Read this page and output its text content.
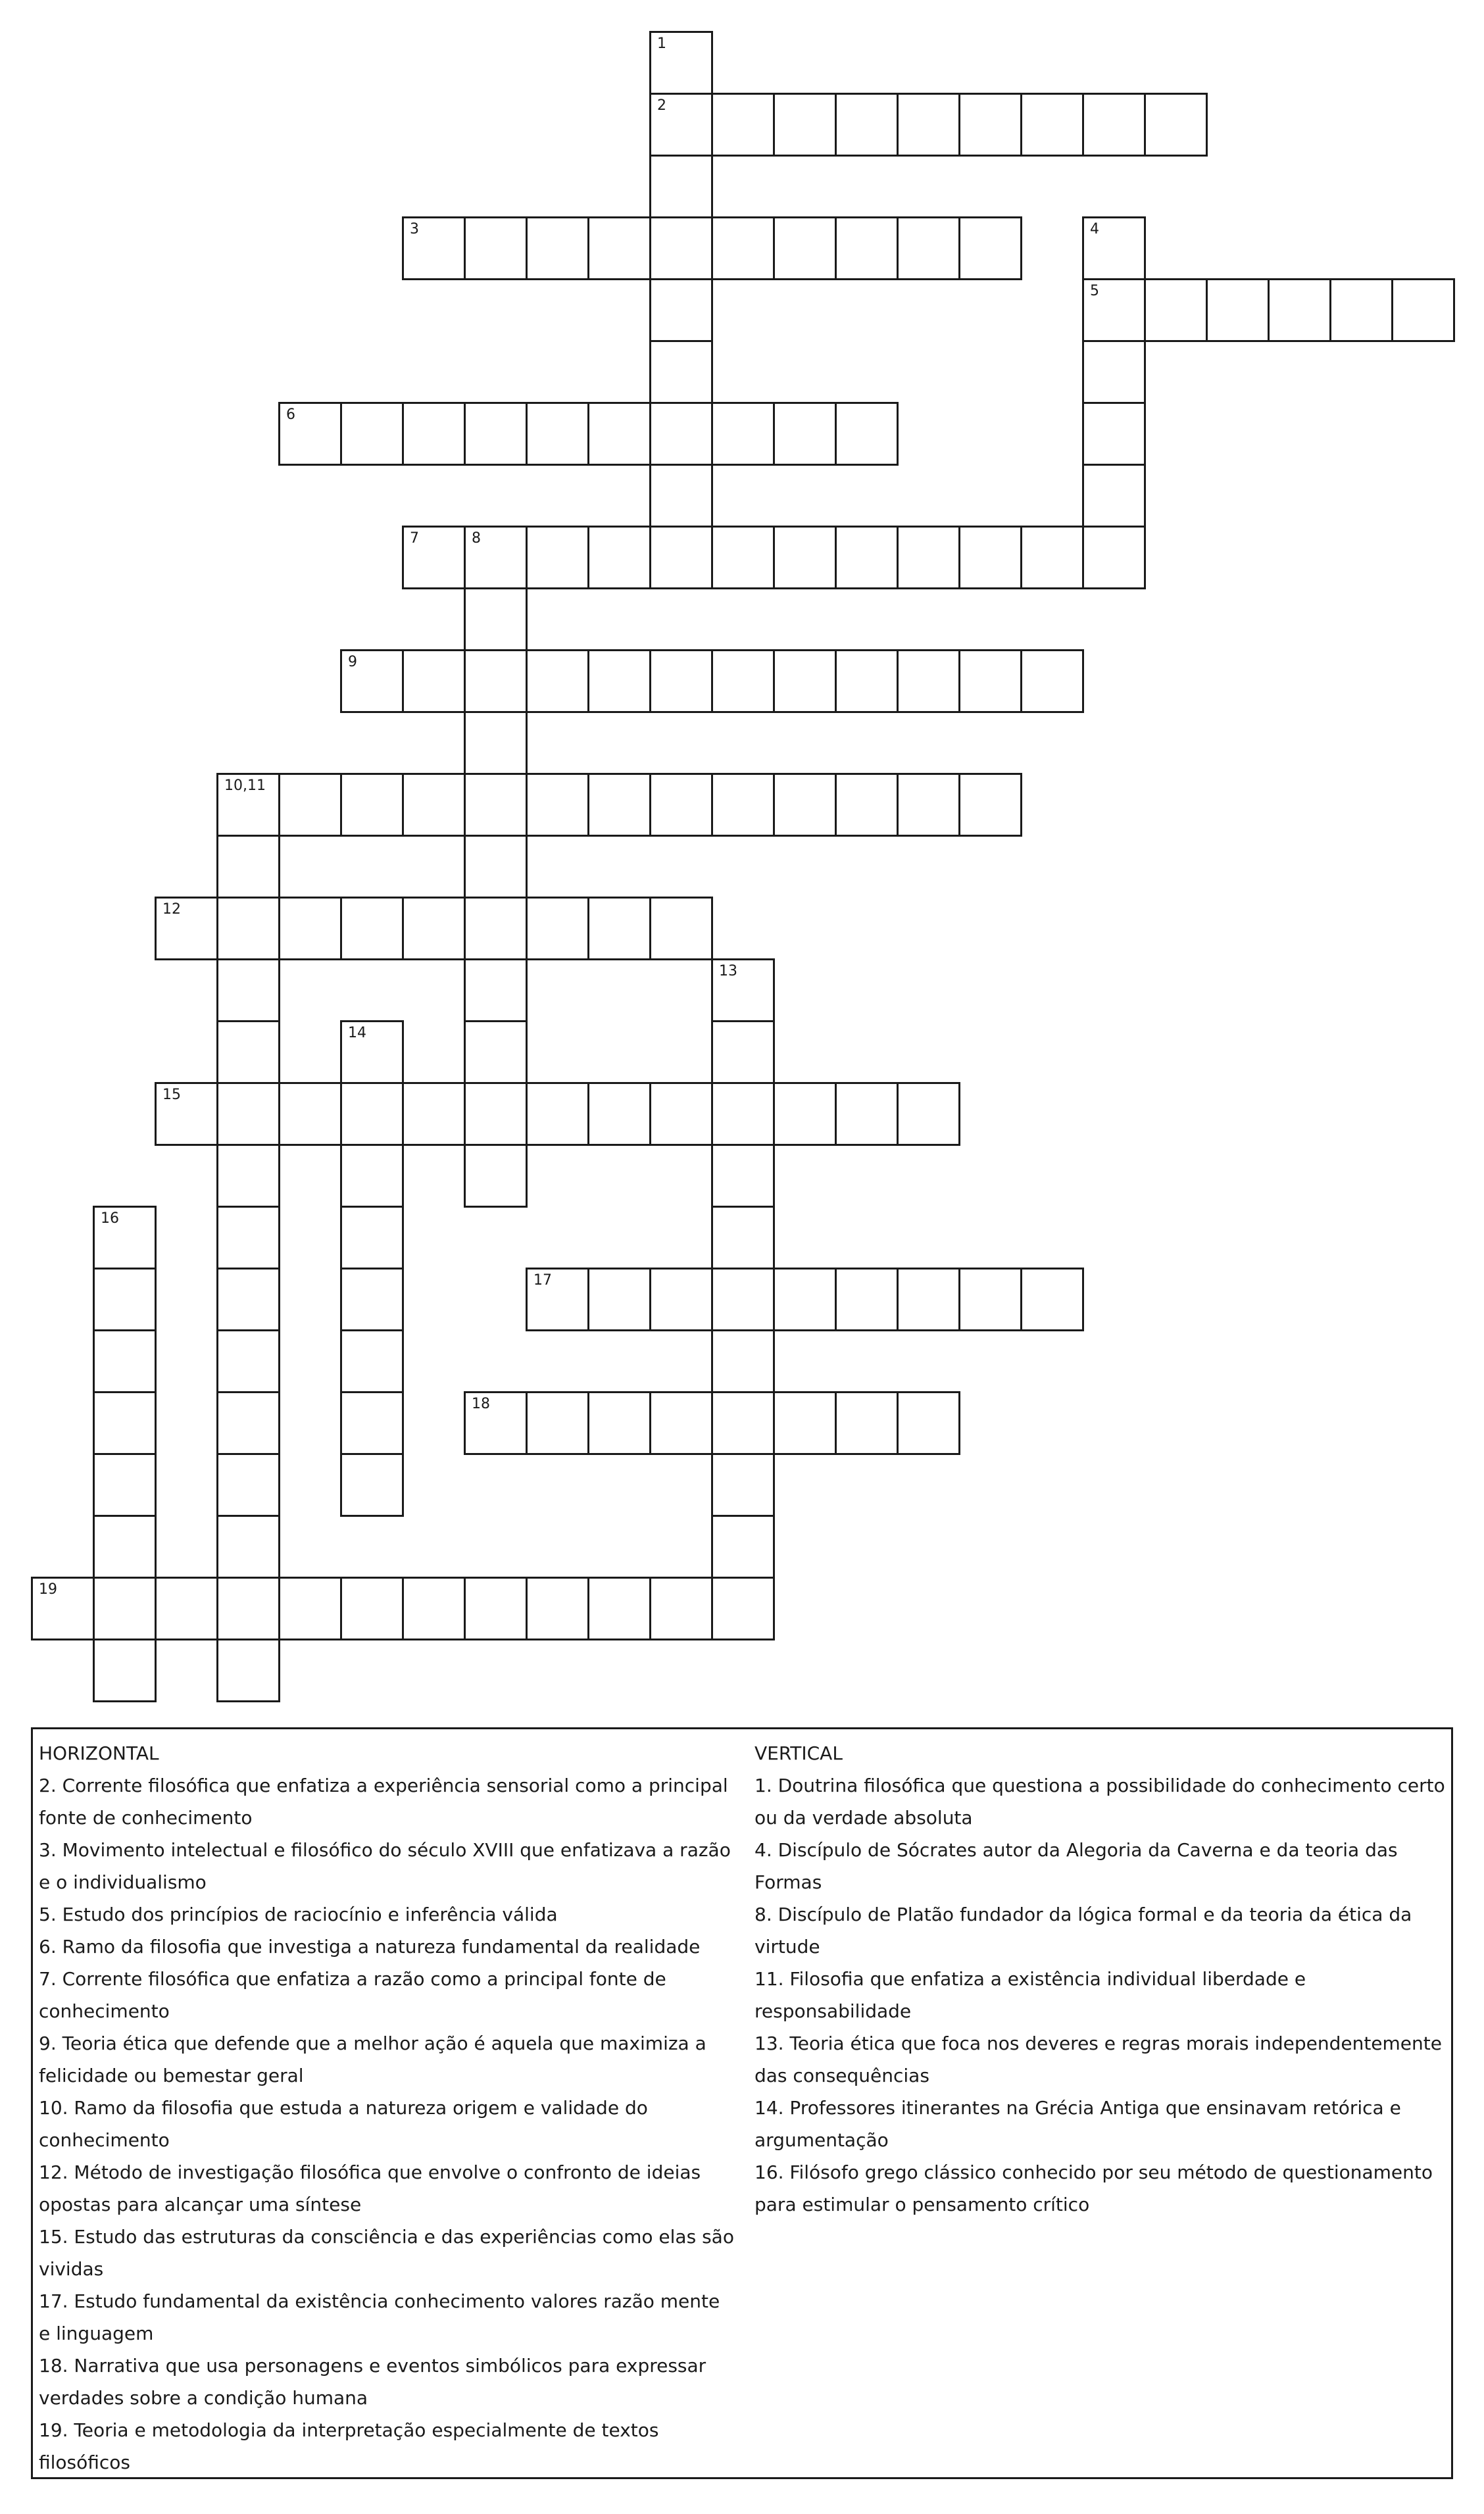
1
2
3	4
5
6
7	8
9
10,11
12
13
14
15
16
17
18
19

HORIZONTAL

2. Corrente filosófica que enfatiza a experiência sensorial como a principal fonte de conhecimento

3. Movimento intelectual e filosófico do século XVIII que enfatizava a razão e o individualismo

5. Estudo dos princípios de raciocínio e inferência válida

6. Ramo da filosofia que investiga a natureza fundamental da realidade

7. Corrente filosófica que enfatiza a razão como a principal fonte de conhecimento

9. Teoria ética que defende que a melhor ação é aquela que maximiza a felicidade ou bemestar geral

10. Ramo da filosofia que estuda a natureza origem e validade do conhecimento

12. Método de investigação filosófica que envolve o confronto de ideias opostas para alcançar uma síntese

15. Estudo das estruturas da consciência e das experiências como elas são vividas

17. Estudo fundamental da existência conhecimento valores razão mente e linguagem

18. Narrativa que usa personagens e eventos simbólicos para expressar verdades sobre a condição humana

19. Teoria e metodologia da interpretação especialmente de textos filosóficos

VERTICAL

1. Doutrina filosófica que questiona a possibilidade do conhecimento certo ou da verdade absoluta

4. Discípulo de Sócrates autor da Alegoria da Caverna e da teoria das Formas

8. Discípulo de Platão fundador da lógica formal e da teoria da ética da virtude

11. Filosofia que enfatiza a existência individual liberdade e responsabilidade

13. Teoria ética que foca nos deveres e regras morais independentemente das consequências

14. Professores itinerantes na Grécia Antiga que ensinavam retórica e argumentação

16. Filósofo grego clássico conhecido por seu método de questionamento para estimular o pensamento crítico
